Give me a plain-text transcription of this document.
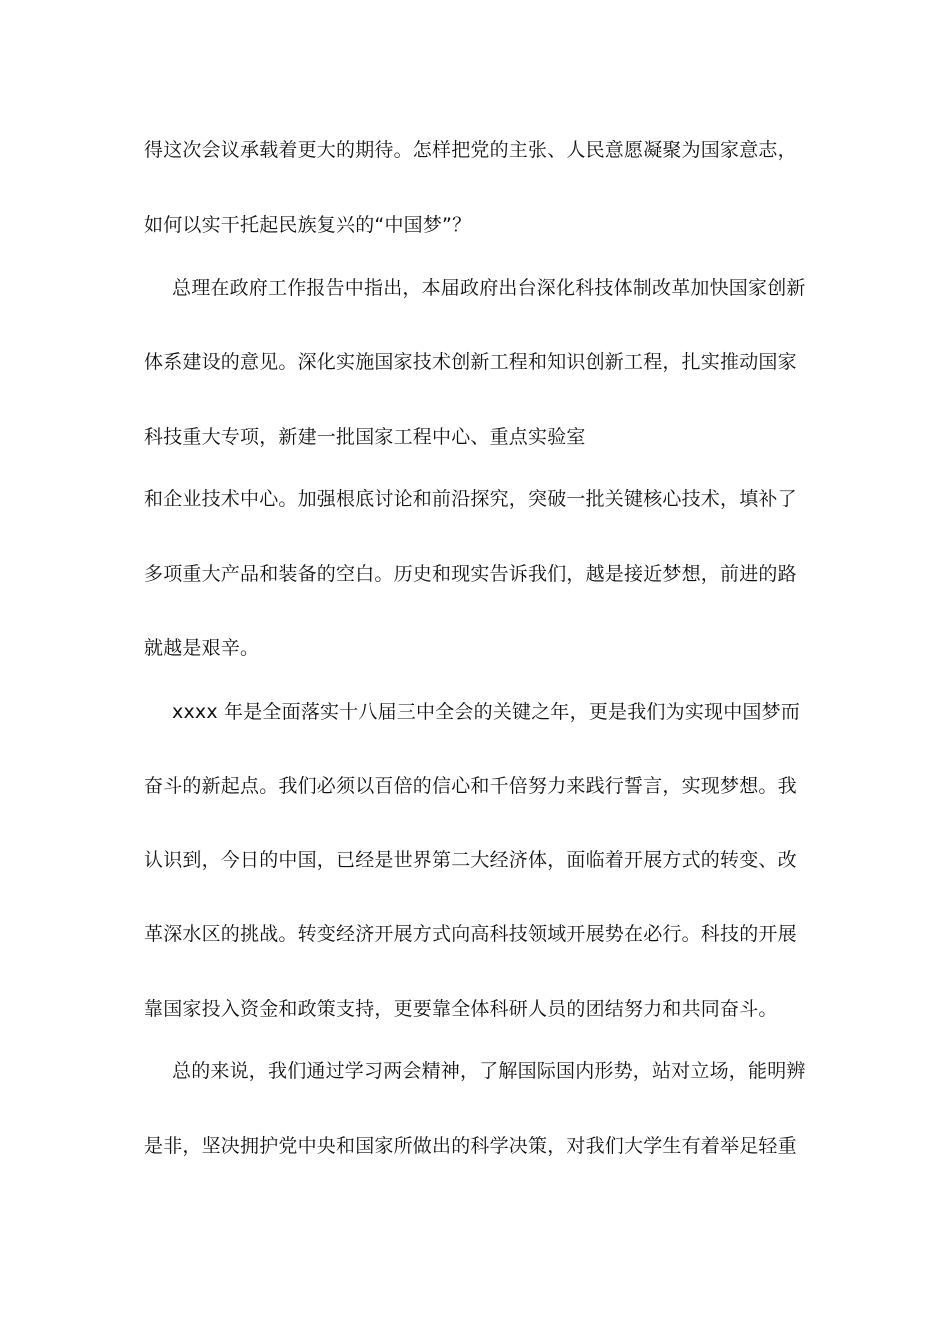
得这次会议承载着更大的期待。怎样把党的主张、人民意愿凝聚为国家意志，
如何以实干托起民族复兴的“中国梦”？
总理在政府工作报告中指出，本届政府出台深化科技体制改革加快国家创新
体系建设的意见。深化实施国家技术创新工程和知识创新工程，扎实推动国家
科技重大专项，新建一批国家工程中心、重点实验室
和企业技术中心。加强根底讨论和前沿探究，突破一批关键核心技术，填补了
多项重大产品和装备的空白。历史和现实告诉我们，越是接近梦想，前进的路
就越是艰辛。
xxxx 年是全面落实十八届三中全会的关键之年，更是我们为实现中国梦而
奋斗的新起点。我们必须以百倍的信心和千倍努力来践行誓言，实现梦想。我
认识到，今日的中国，已经是世界第二大经济体，面临着开展方式的转变、改
革深水区的挑战。转变经济开展方式向高科技领域开展势在必行。科技的开展
靠国家投入资金和政策支持，更要靠全体科研人员的团结努力和共同奋斗。
总的来说，我们通过学习两会精神，了解国际国内形势，站对立场，能明辨
是非，坚决拥护党中央和国家所做出的科学决策，对我们大学生有着举足轻重
